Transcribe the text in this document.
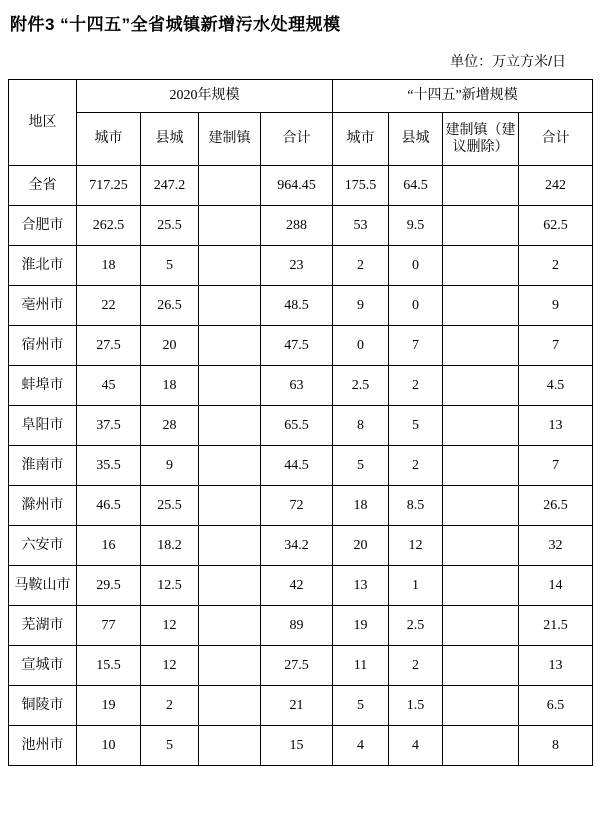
附件3 “十四五”全省城镇新增污水处理规模
单位：万立方米/日
地区	2020年规模				“十四五”新增规模			
	城市	县城	建制镇	合计	城市	县城	建制镇（建议删除）	合计
全省	717.25	247.2		964.45	175.5	64.5		242
合肥市	262.5	25.5		288	53	9.5		62.5
淮北市	18	5		23	2	0		2
亳州市	22	26.5		48.5	9	0		9
宿州市	27.5	20		47.5	0	7		7
蚌埠市	45	18		63	2.5	2		4.5
阜阳市	37.5	28		65.5	8	5		13
淮南市	35.5	9		44.5	5	2		7
滁州市	46.5	25.5		72	18	8.5		26.5
六安市	16	18.2		34.2	20	12		32
马鞍山市	29.5	12.5		42	13	1		14
芜湖市	77	12		89	19	2.5		21.5
宣城市	15.5	12		27.5	11	2		13
铜陵市	19	2		21	5	1.5		6.5
池州市	10	5		15	4	4		8
